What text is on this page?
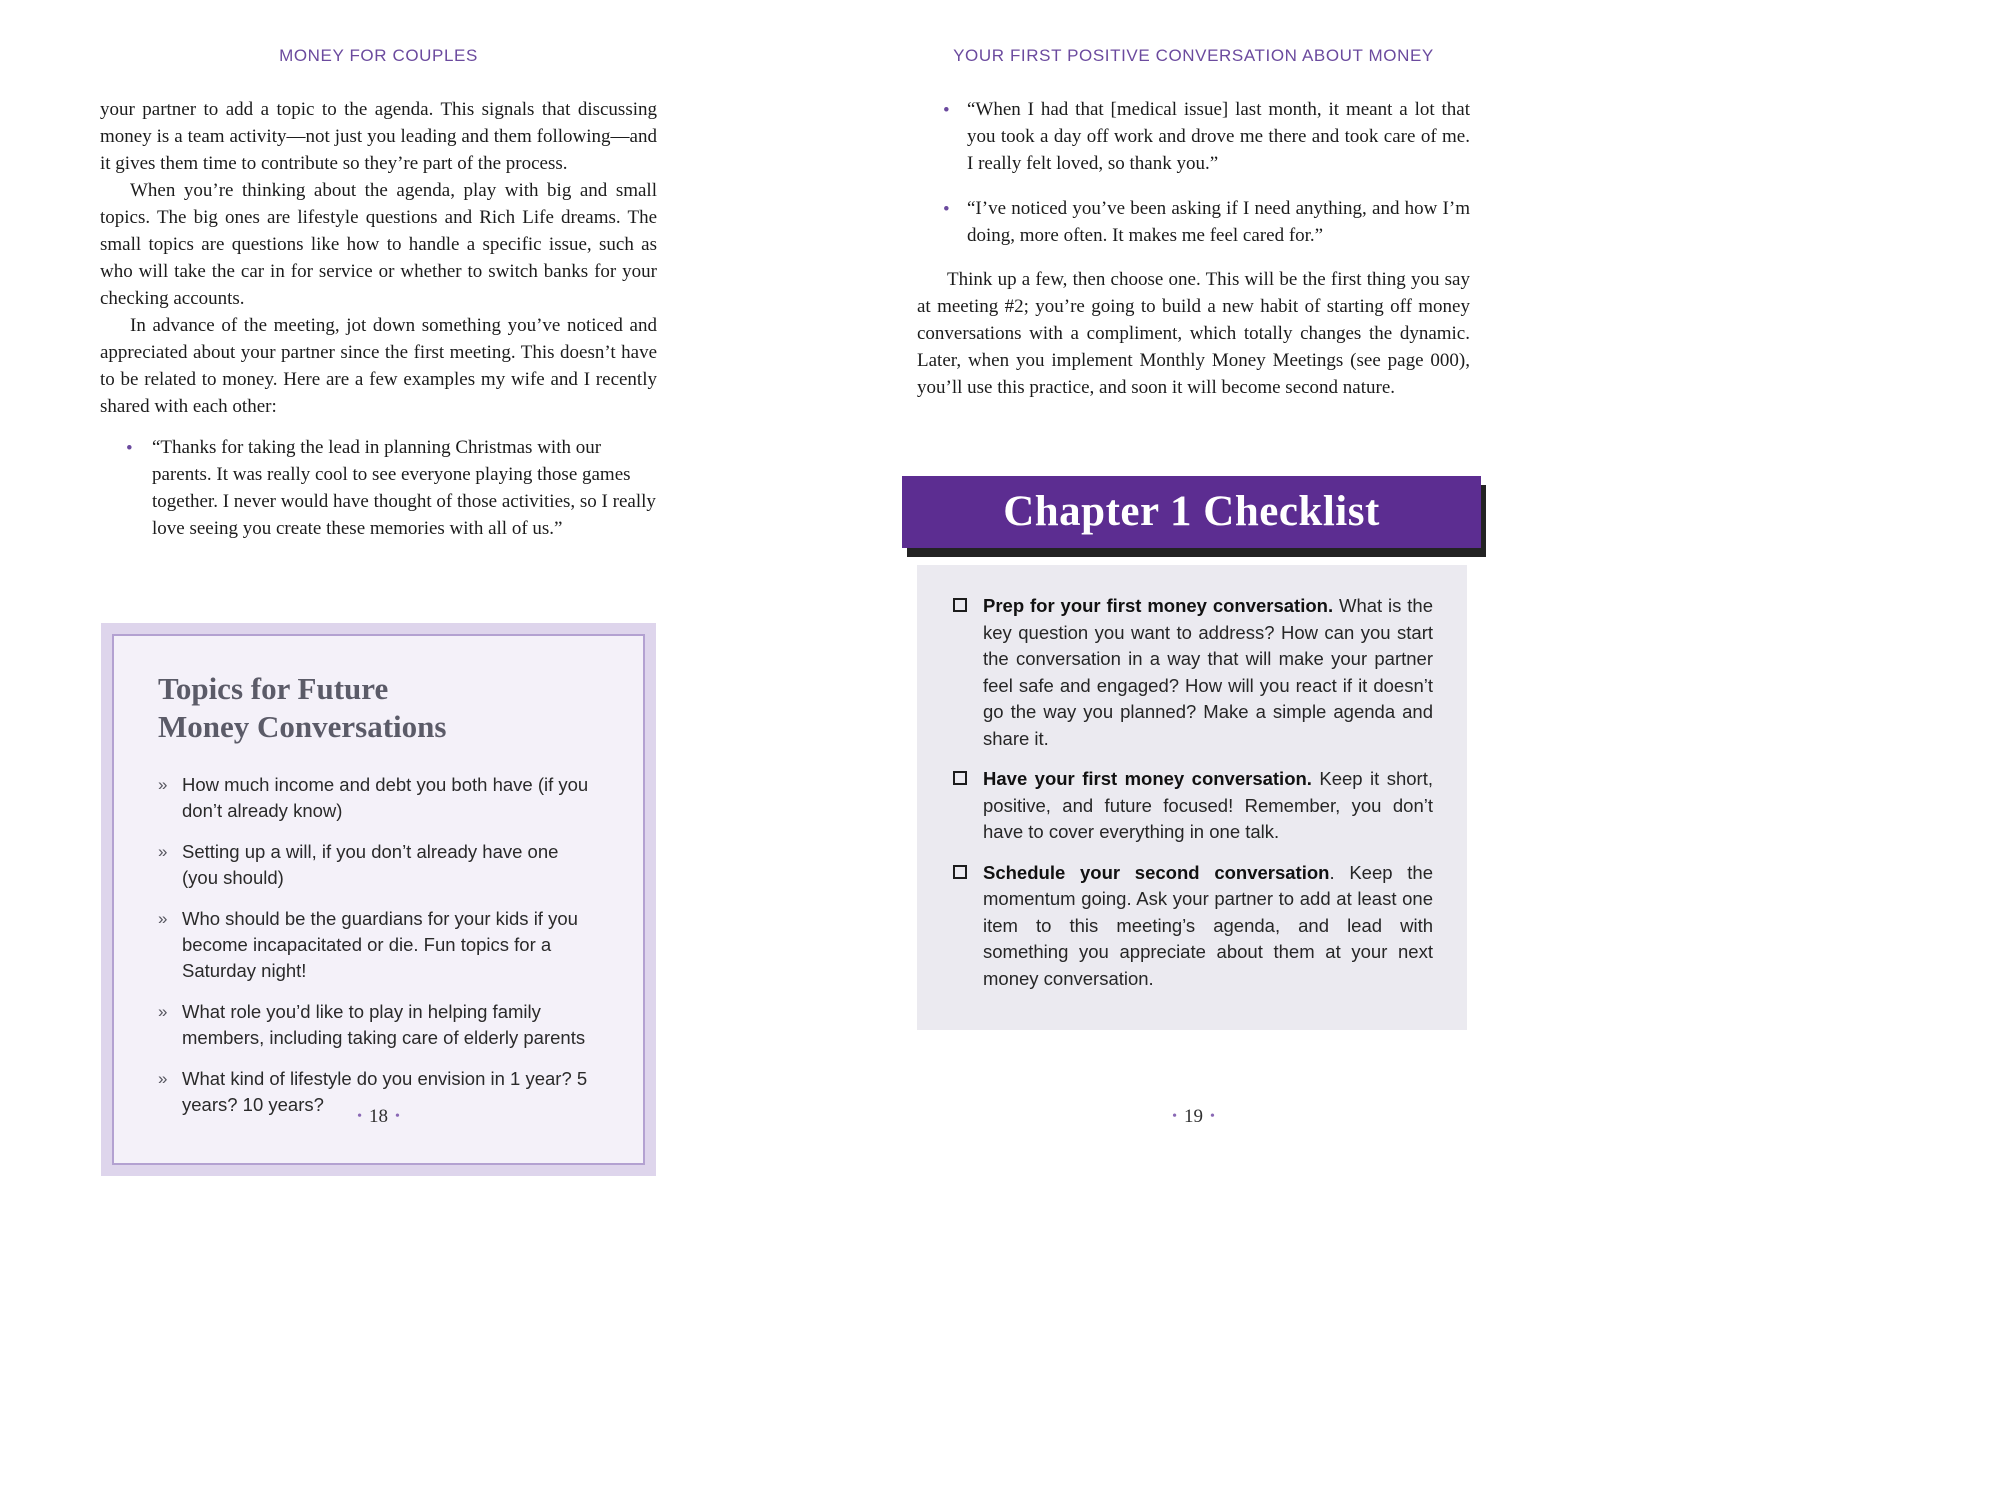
MONEY FOR COUPLES

your partner to add a topic to the agenda. This signals that discussing money is a team activity—not just you leading and them following—and it gives them time to contribute so they’re part of the process.

When you’re thinking about the agenda, play with big and small topics. The big ones are lifestyle questions and Rich Life dreams. The small topics are questions like how to handle a specific issue, such as who will take the car in for service or whether to switch banks for your checking accounts.

In advance of the meeting, jot down something you’ve noticed and appreciated about your partner since the first meeting. This doesn’t have to be related to money. Here are a few examples my wife and I recently shared with each other:

• “Thanks for taking the lead in planning Christmas with our parents. It was really cool to see everyone playing those games together. I never would have thought of those activities, so I really love seeing you create these memories with all of us.”
Topics for Future
Money Conversations
» How much income and debt you both have (if you don’t already know)
» Setting up a will, if you don’t already have one (you should)
» Who should be the guardians for your kids if you become incapacitated or die. Fun topics for a Saturday night!
» What role you’d like to play in helping family members, including taking care of elderly parents
» What kind of lifestyle do you envision in 1 year? 5 years? 10 years?
• 18 •
YOUR FIRST POSITIVE CONVERSATION ABOUT MONEY
• “When I had that [medical issue] last month, it meant a lot that you took a day off work and drove me there and took care of me. I really felt loved, so thank you.”
• “I’ve noticed you’ve been asking if I need anything, and how I’m doing, more often. It makes me feel cared for.”

Think up a few, then choose one. This will be the first thing you say at meeting #2; you’re going to build a new habit of starting off money conversations with a compliment, which totally changes the dynamic. Later, when you implement Monthly Money Meetings (see page 000), you’ll use this practice, and soon it will become second nature.

Chapter 1 Checklist
Prep for your first money conversation. What is the key question you want to address? How can you start the conversation in a way that will make your partner feel safe and engaged? How will you react if it doesn’t go the way you planned? Make a simple agenda and share it.
Have your first money conversation. Keep it short, positive, and future focused! Remember, you don’t have to cover everything in one talk.
Schedule your second conversation. Keep the momentum going. Ask your partner to add at least one item to this meeting’s agenda, and lead with something you appreciate about them at your next money conversation.
• 19 •
